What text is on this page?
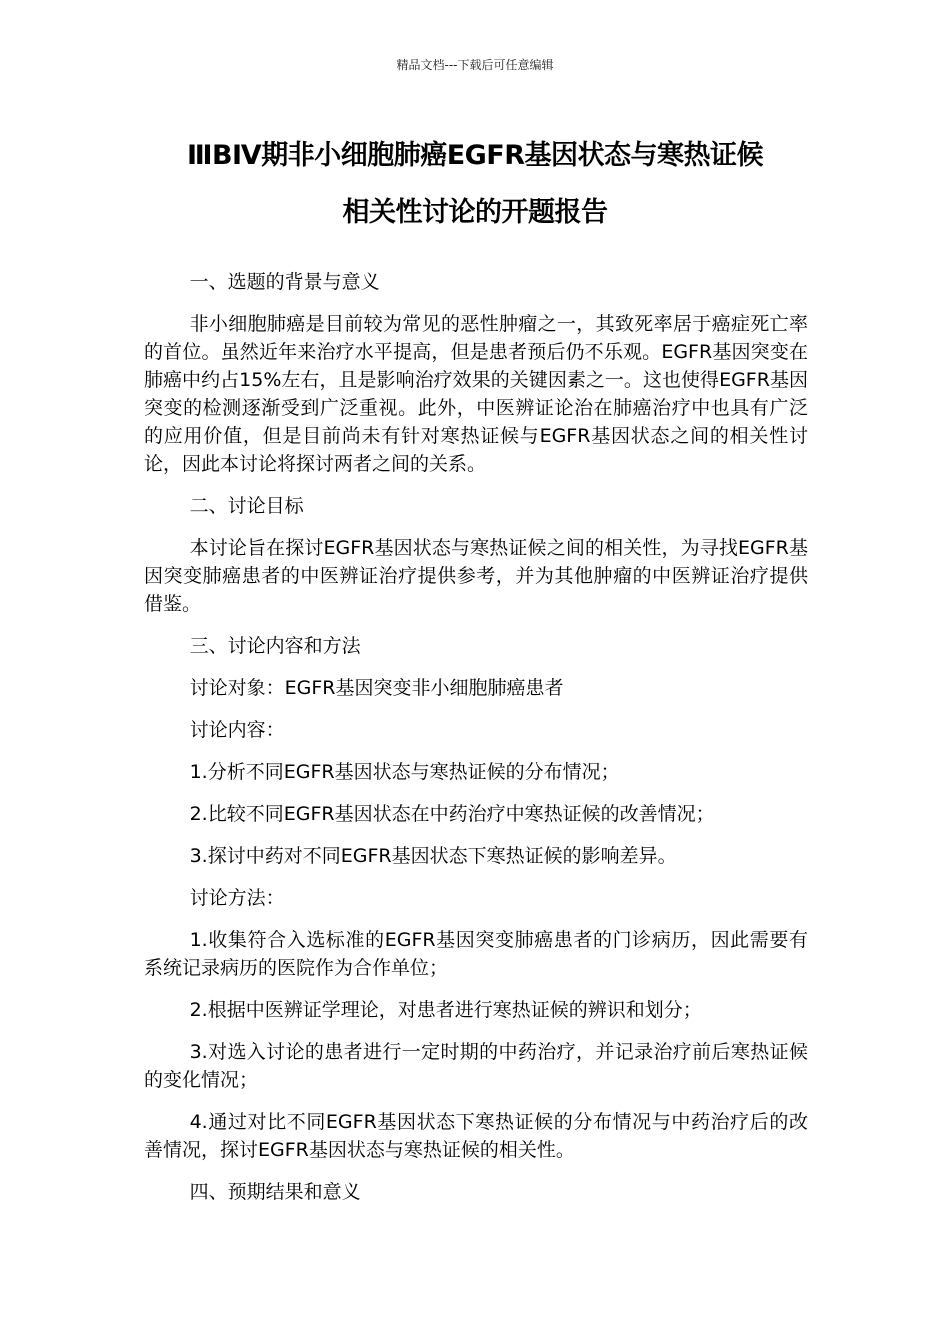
精品文档---下载后可任意编辑
ⅢBⅣ期非小细胞肺癌EGFR基因状态与寒热证候
相关性讨论的开题报告

一、选题的背景与意义

非小细胞肺癌是目前较为常见的恶性肿瘤之一，其致死率居于癌症死亡率的首位。虽然近年来治疗水平提高，但是患者预后仍不乐观。EGFR基因突变在肺癌中约占15%左右，且是影响治疗效果的关键因素之一。这也使得EGFR基因突变的检测逐渐受到广泛重视。此外，中医辨证论治在肺癌治疗中也具有广泛的应用价值，但是目前尚未有针对寒热证候与EGFR基因状态之间的相关性讨论，因此本讨论将探讨两者之间的关系。

二、讨论目标

本讨论旨在探讨EGFR基因状态与寒热证候之间的相关性，为寻找EGFR基因突变肺癌患者的中医辨证治疗提供参考，并为其他肿瘤的中医辨证治疗提供借鉴。

三、讨论内容和方法

讨论对象：EGFR基因突变非小细胞肺癌患者

讨论内容：

1.分析不同EGFR基因状态与寒热证候的分布情况；

2.比较不同EGFR基因状态在中药治疗中寒热证候的改善情况；

3.探讨中药对不同EGFR基因状态下寒热证候的影响差异。

讨论方法：

1.收集符合入选标准的EGFR基因突变肺癌患者的门诊病历，因此需要有系统记录病历的医院作为合作单位；

2.根据中医辨证学理论，对患者进行寒热证候的辨识和划分；

3.对选入讨论的患者进行一定时期的中药治疗，并记录治疗前后寒热证候的变化情况；

4.通过对比不同EGFR基因状态下寒热证候的分布情况与中药治疗后的改善情况，探讨EGFR基因状态与寒热证候的相关性。

四、预期结果和意义
